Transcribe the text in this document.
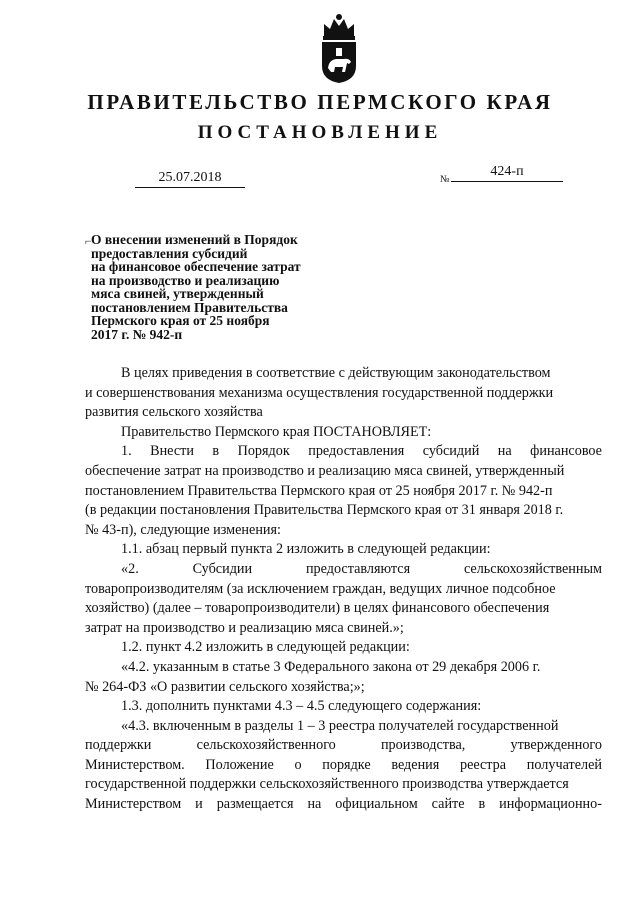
ПРАВИТЕЛЬСТВО ПЕРМСКОГО КРАЯ
ПОСТАНОВЛЕНИЕ
25.07.2018	№
424-п
⌐ О внесении изменений в Порядок
предоставления субсидий
на финансовое обеспечение затрат
на производство и реализацию
мяса свиней, утвержденный
постановлением Правительства
Пермского края от 25 ноября
2017 г. № 942-п
В целях приведения в соответствие с действующим законодательством
и совершенствования механизма осуществления государственной поддержки
развития сельского хозяйства
Правительство Пермского края ПОСТАНОВЛЯЕТ:
1. Внести в Порядок предоставления субсидий на финансовое
обеспечение затрат на производство и реализацию мяса свиней, утвержденный
постановлением Правительства Пермского края от 25 ноября 2017 г. № 942-п
(в редакции постановления Правительства Пермского края от 31 января 2018 г.
№ 43-п), следующие изменения:
1.1. абзац первый пункта 2 изложить в следующей редакции:
«2.	Субсидии	предоставляются	сельскохозяйственным
товаропроизводителям (за исключением граждан, ведущих личное подсобное
хозяйство) (далее – товаропроизводители) в целях финансового обеспечения
затрат на производство и реализацию мяса свиней.»;
1.2. пункт 4.2 изложить в следующей редакции:
«4.2. указанным в статье 3 Федерального закона от 29 декабря 2006 г.
№ 264-ФЗ «О развитии сельского хозяйства;»;
1.3. дополнить пунктами 4.3 – 4.5 следующего содержания:
«4.3. включенным в разделы 1 – 3 реестра получателей государственной
поддержки	сельскохозяйственного	производства,	утвержденного
Министерством. Положение о порядке ведения реестра получателей
государственной поддержки сельскохозяйственного производства утверждается
Министерством и размещается на официальном сайте в информационно-
